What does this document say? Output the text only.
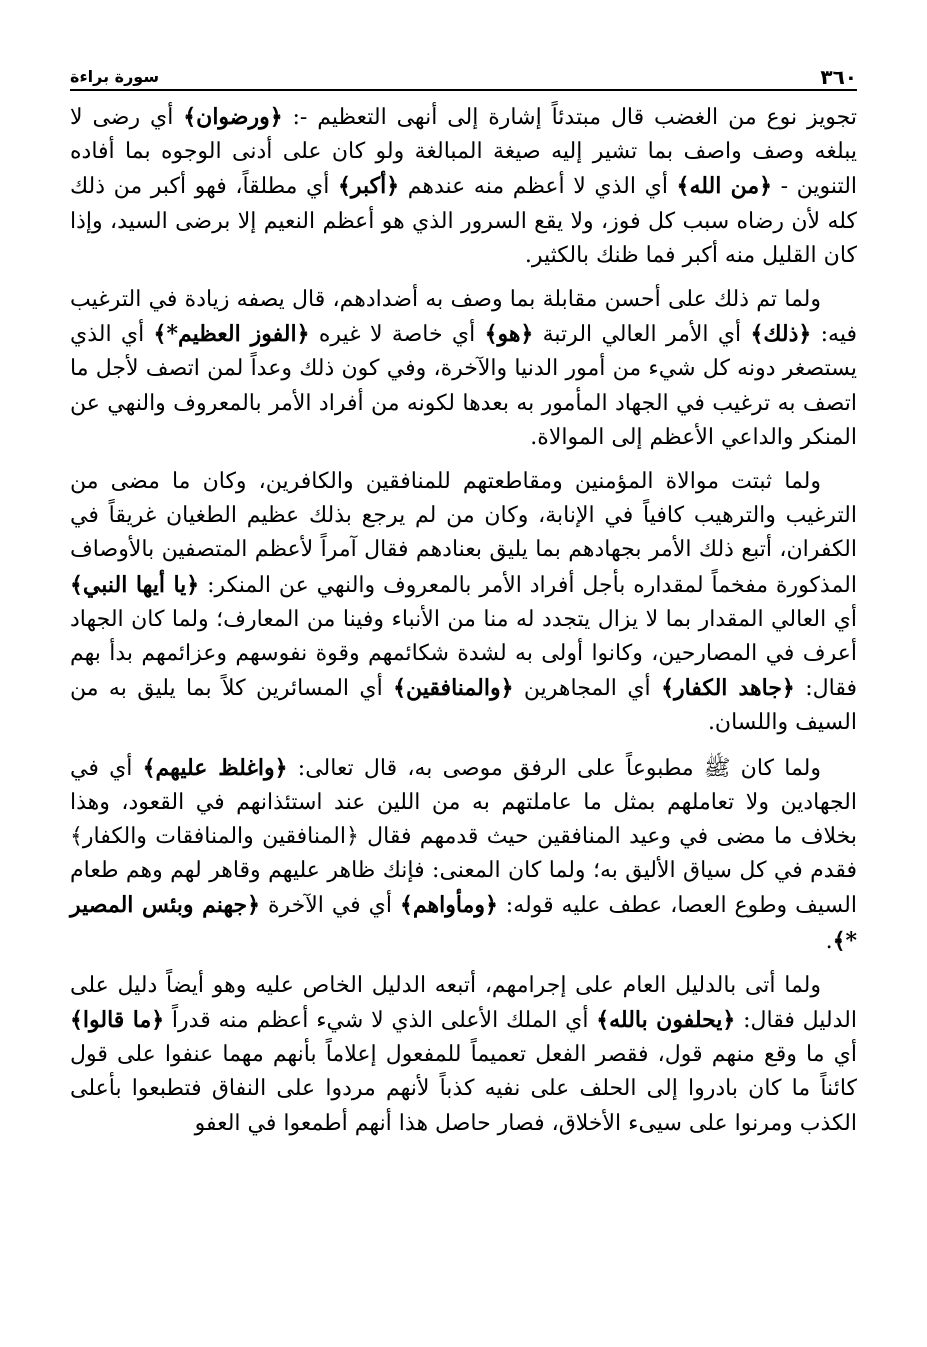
٣٦٠
سورة براءة

تجويز نوع من الغضب قال مبتدئاً إشارة إلى أنهى التعظيم -: ﴿ورضوان﴾ أي رضى لا يبلغه وصف واصف بما تشير إليه صيغة المبالغة ولو كان على أدنى الوجوه بما أفاده التنوين - ﴿من الله﴾ أي الذي لا أعظم منه عندهم ﴿أكبر﴾ أي مطلقاً، فهو أكبر من ذلك كله لأن رضاه سبب كل فوز، ولا يقع السرور الذي هو أعظم النعيم إلا برضى السيد، وإذا كان القليل منه أكبر فما ظنك بالكثير.

ولما تم ذلك على أحسن مقابلة بما وصف به أضدادهم، قال يصفه زيادة في الترغيب فيه: ﴿ذلك﴾ أي الأمر العالي الرتبة ﴿هو﴾ أي خاصة لا غيره ﴿الفوز العظيم*﴾ أي الذي يستصغر دونه كل شيء من أمور الدنيا والآخرة، وفي كون ذلك وعداً لمن اتصف لأجل ما اتصف به ترغيب في الجهاد المأمور به بعدها لكونه من أفراد الأمر بالمعروف والنهي عن المنكر والداعي الأعظم إلى الموالاة.

ولما ثبتت موالاة المؤمنين ومقاطعتهم للمنافقين والكافرين، وكان ما مضى من الترغيب والترهيب كافياً في الإنابة، وكان من لم يرجع بذلك عظيم الطغيان غريقاً في الكفران، أتبع ذلك الأمر بجهادهم بما يليق بعنادهم فقال آمراً لأعظم المتصفين بالأوصاف المذكورة مفخماً لمقداره بأجل أفراد الأمر بالمعروف والنهي عن المنكر: ﴿يا أيها النبي﴾ أي العالي المقدار بما لا يزال يتجدد له منا من الأنباء وفينا من المعارف؛ ولما كان الجهاد أعرف في المصارحين، وكانوا أولى به لشدة شكائمهم وقوة نفوسهم وعزائمهم بدأ بهم فقال: ﴿جاهد الكفار﴾ أي المجاهرين ﴿والمنافقين﴾ أي المسائرين كلاً بما يليق به من السيف واللسان.

ولما كان ﷺ مطبوعاً على الرفق موصى به، قال تعالى: ﴿واغلظ عليهم﴾ أي في الجهادين ولا تعاملهم بمثل ما عاملتهم به من اللين عند استئذانهم في القعود، وهذا بخلاف ما مضى في وعيد المنافقين حيث قدمهم فقال ﴿المنافقين والمنافقات والكفار﴾ فقدم في كل سياق الأليق به؛ ولما كان المعنى: فإنك ظاهر عليهم وقاهر لهم وهم طعام السيف وطوع العصا، عطف عليه قوله: ﴿ومأواهم﴾ أي في الآخرة ﴿جهنم وبئس المصير *﴾.

ولما أتى بالدليل العام على إجرامهم، أتبعه الدليل الخاص عليه وهو أيضاً دليل على الدليل فقال: ﴿يحلفون بالله﴾ أي الملك الأعلى الذي لا شيء أعظم منه قدراً ﴿ما قالوا﴾ أي ما وقع منهم قول، فقصر الفعل تعميماً للمفعول إعلاماً بأنهم مهما عنفوا على قول كائناً ما كان بادروا إلى الحلف على نفيه كذباً لأنهم مردوا على النفاق فتطبعوا بأعلى الكذب ومرنوا على سيىء الأخلاق، فصار حاصل هذا أنهم أطمعوا في العفو
